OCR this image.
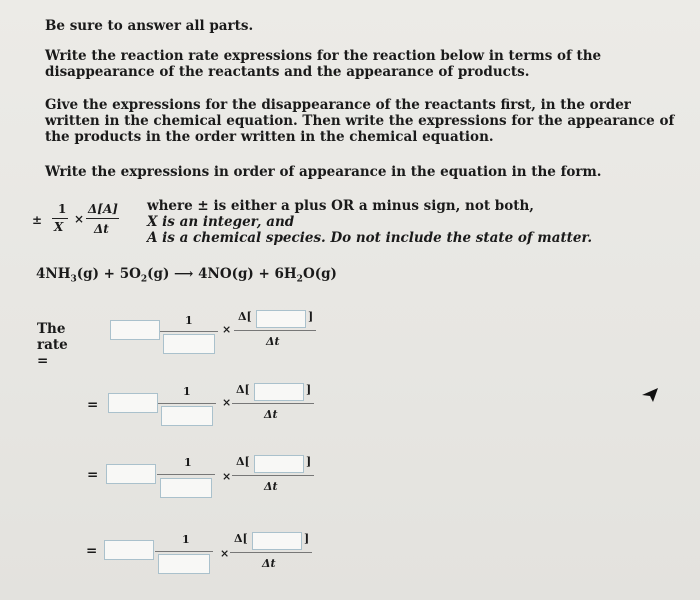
Be sure to answer all parts.
Write the reaction rate expressions for the reaction below in terms of the disappearance of the reactants and the appearance of products.
Give the expressions for the disappearance of the reactants first, in the order written in the chemical equation. Then write the expressions for the appearance of the products in the order written in the chemical equation.
Write the expressions in order of appearance in the equation in the form.
±
1
X
×
Δ[A]
Δt
where ± is either a plus OR a minus sign, not both,
X is an integer, and
A is a chemical species. Do not include the state of matter.
$4NH_3(g) + 5O_2(g)$ ⟶ $4NO(g) + 6H_2O(g)$
The rate =
1
×
Δ[	]
Δt
=
1
×
Δ[	]
Δt
=
1
×
Δ[	]
Δt
=
1
×
Δ[	]
Δt
